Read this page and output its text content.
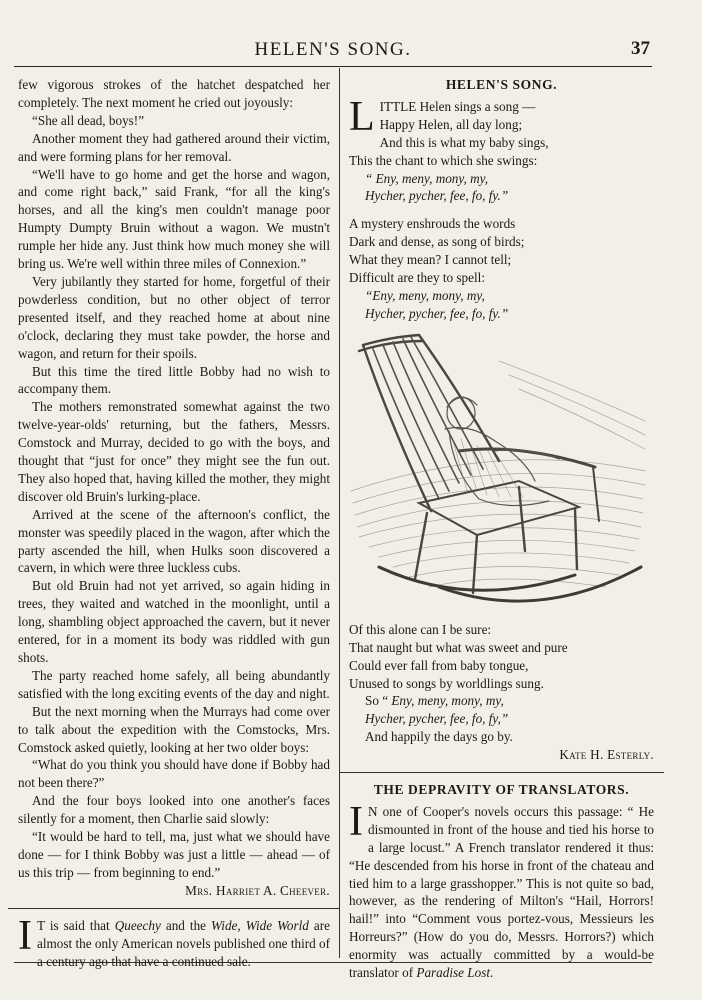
HELEN'S SONG.	37

few vigorous strokes of the hatchet despatched her completely. The next moment he cried out joyously:

“She all dead, boys!”

Another moment they had gathered around their victim, and were forming plans for her removal.

“We'll have to go home and get the horse and wagon, and come right back,” said Frank, “for all the king's horses, and all the king's men couldn't manage poor Humpty Dumpty Bruin without a wagon. We mustn't rumple her hide any. Just think how much money she will bring us. We're well within three miles of Connexion.”

Very jubilantly they started for home, forgetful of their powderless condition, but no other object of terror presented itself, and they reached home at about nine o'clock, declaring they must take powder, the horse and wagon, and return for their spoils.

But this time the tired little Bobby had no wish to accompany them.

The mothers remonstrated somewhat against the two twelve-year-olds' returning, but the fathers, Messrs. Comstock and Murray, decided to go with the boys, and thought that “just for once” they might see the fun out. They also hoped that, having killed the mother, they might discover old Bruin's lurking-place.

Arrived at the scene of the afternoon's conflict, the monster was speedily placed in the wagon, after which the party ascended the hill, when Hulks soon discovered a cavern, in which were three luckless cubs.

But old Bruin had not yet arrived, so again hiding in trees, they waited and watched in the moonlight, until a long, shambling object approached the cavern, but it never entered, for in a moment its body was riddled with gun shots.

The party reached home safely, all being abundantly satisfied with the long exciting events of the day and night.

But the next morning when the Murrays had come over to talk about the expedition with the Comstocks, Mrs. Comstock asked quietly, looking at her two older boys:

“What do you think you should have done if Bobby had not been there?”

And the four boys looked into one another's faces silently for a moment, then Charlie said slowly:

“It would be hard to tell, ma, just what we should have done — for I think Bobby was just a little — ahead — of us this trip — from beginning to end.”

Mrs. Harriet A. Cheever.

I T is said that Queechy and the Wide, Wide World are almost the only American novels published one third of a century ago that have a continued sale.

HELEN'S SONG.
L ITTLE Helen sings a song —
Happy Helen, all day long;
And this is what my baby sings,
This the chant to which she swings:
“ Eny, meny, mony, my,
Hycher, pycher, fee, fo, fy.”
A mystery enshrouds the words
Dark and dense, as song of birds;
What they mean? I cannot tell;
Difficult are they to spell:
“Eny, meny, mony, my,
Hycher, pycher, fee, fo, fy.”
Of this alone can I be sure:
That naught but what was sweet and pure
Could ever fall from baby tongue,
Unused to songs by worldlings sung.
So “ Eny, meny, mony, my,
Hycher, pycher, fee, fo, fy,”
And happily the days go by.

Kate H. Esterly.

THE DEPRAVITY OF TRANSLATORS.

I N one of Cooper's novels occurs this passage: “ He dismounted in front of the house and tied his horse to a large locust.” A French translator rendered it thus: “He descended from his horse in front of the chateau and tied him to a large grasshopper.” This is not quite so bad, however, as the rendering of Milton's “Hail, Horrors! hail!” into “Comment vous portez-vous, Messieurs les Horreurs?” (How do you do, Messrs. Horrors?) which enormity was actually committed by a would-be translator of Paradise Lost.
